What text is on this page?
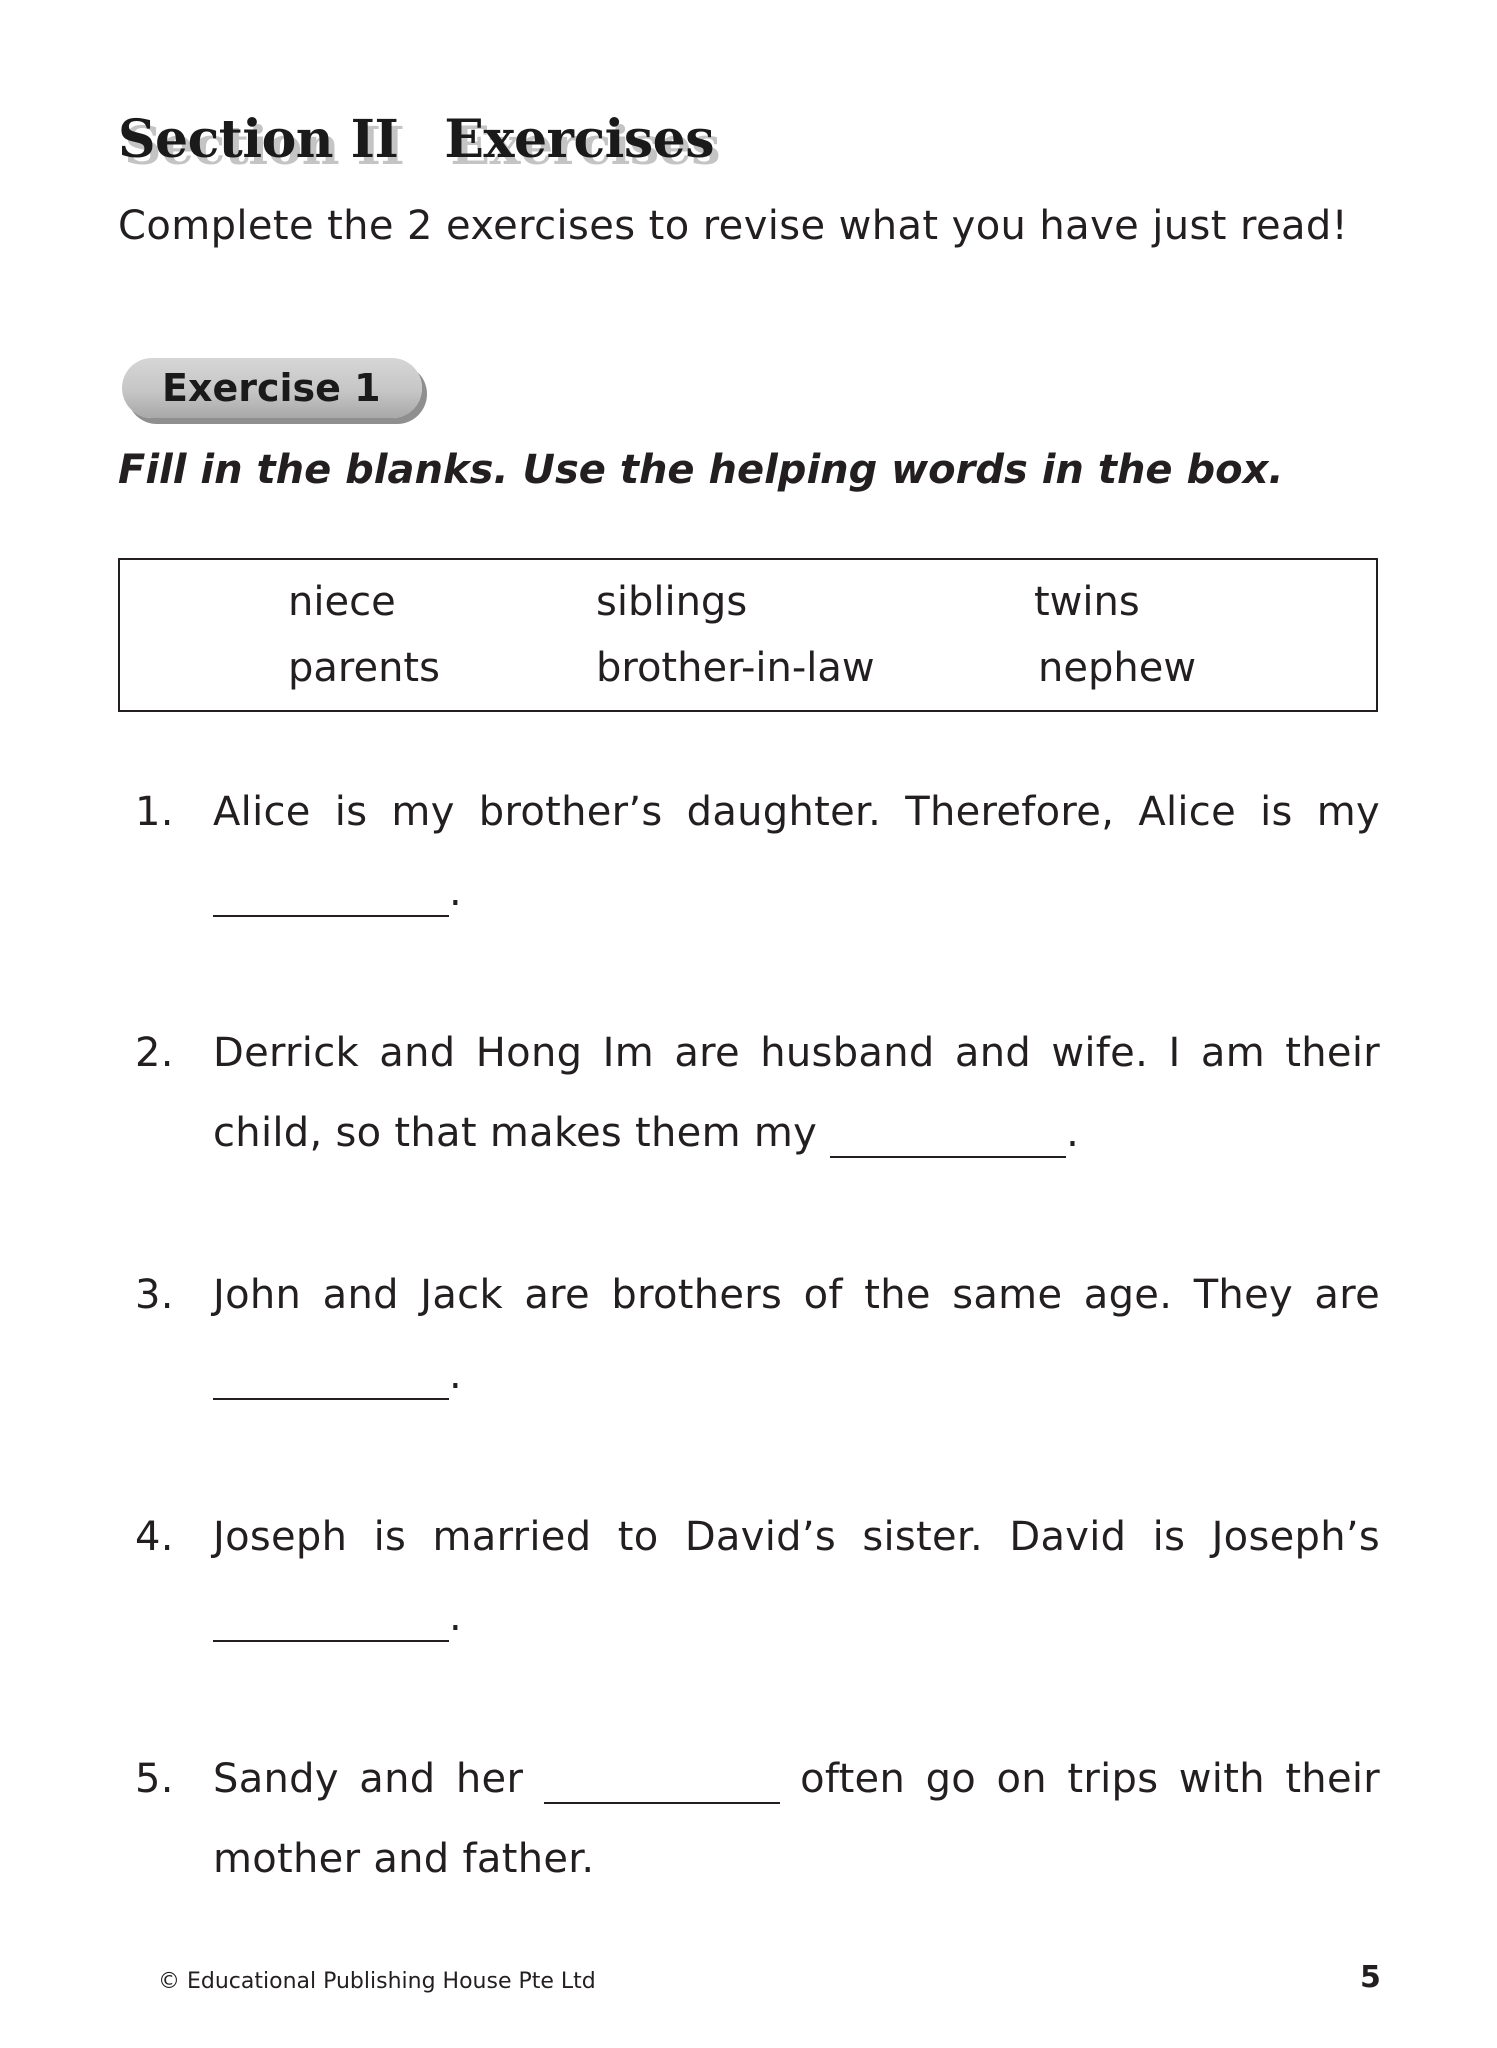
Section II Exercises
Complete the 2 exercises to revise what you have just read!
Exercise 1
Fill in the blanks. Use the helping words in the box.
niece	siblings	twins
parents	brother-in-law	nephew
1. Alice is my brother’s daughter. Therefore, Alice is my .
2. Derrick and Hong Im are husband and wife. I am their child, so that makes them my	.
3. John and Jack are brothers of the same age. They are .
4. Joseph is married to David’s sister. David is Joseph’s .
5. Sandy and her	often go on trips with their mother and father.
© Educational Publishing House Pte Ltd	5
